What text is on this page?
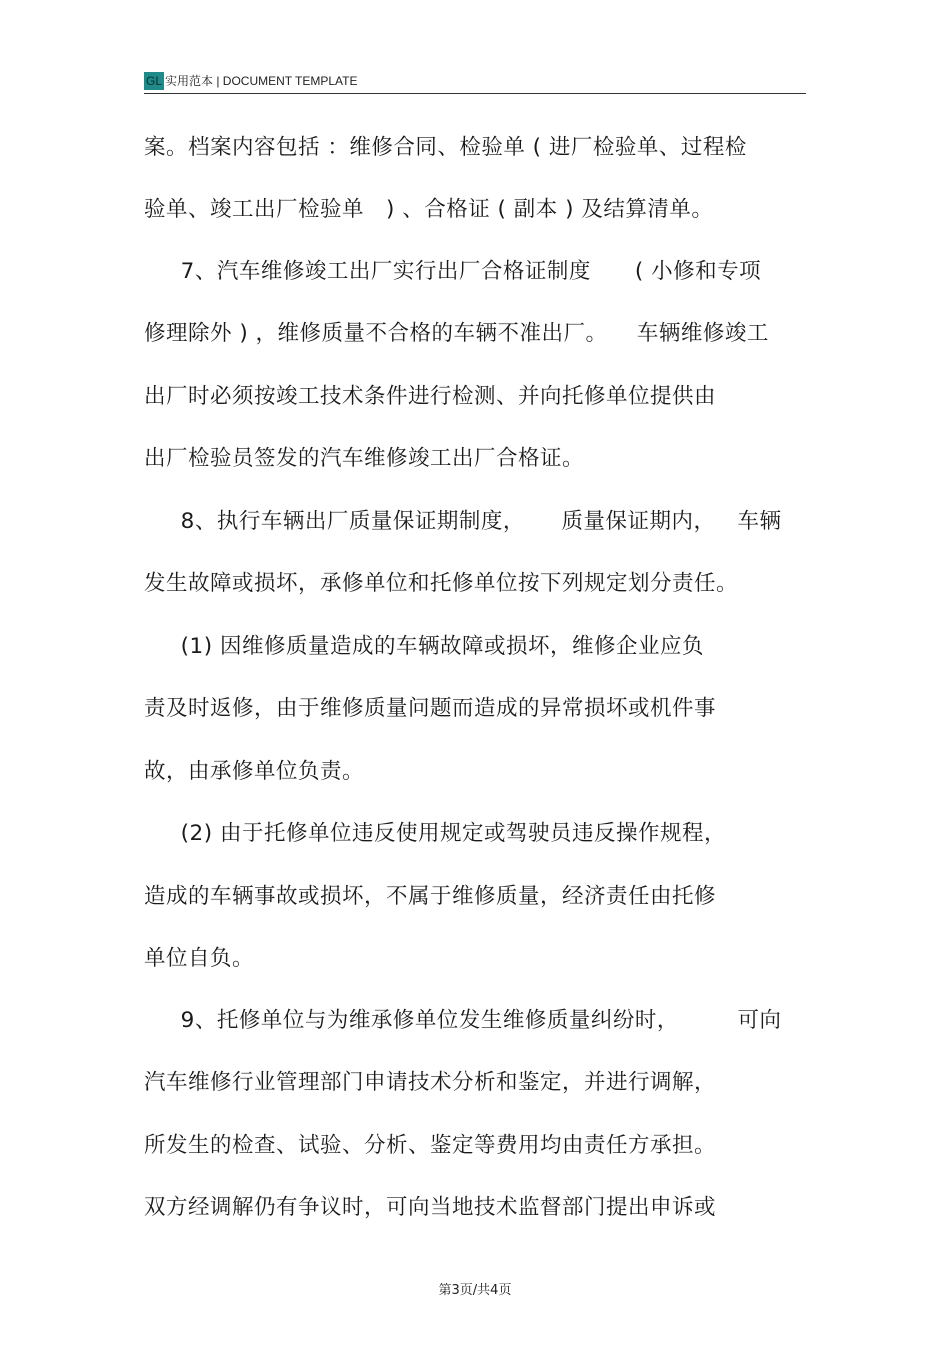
GL 实用范本 | DOCUMENT TEMPLATE
案。档案内容包括 ：维修合同、检验单 ( 进厂检验单、过程检
验单、竣工出厂检验单   ) 、合格证 ( 副本 ) 及结算清单。
7、汽车维修竣工出厂实行出厂合格证制度      ( 小修和专项
修理除外 ) ，维修质量不合格的车辆不准出厂。    车辆维修竣工
出厂时必须按竣工技术条件进行检测、并向托修单位提供由
出厂检验员签发的汽车维修竣工出厂合格证。
8、执行车辆出厂质量保证期制度，     质量保证期内，   车辆
发生故障或损坏，承修单位和托修单位按下列规定划分责任。
(1) 因维修质量造成的车辆故障或损坏，维修企业应负
责及时返修，由于维修质量问题而造成的异常损坏或机件事
故，由承修单位负责。
(2) 由于托修单位违反使用规定或驾驶员违反操作规程，
造成的车辆事故或损坏，不属于维修质量，经济责任由托修
单位自负。
9、托修单位与为维承修单位发生维修质量纠纷时，        可向
汽车维修行业管理部门申请技术分析和鉴定，并进行调解，
所发生的检查、试验、分析、鉴定等费用均由责任方承担。
双方经调解仍有争议时，可向当地技术监督部门提出申诉或
第3页/共4页
